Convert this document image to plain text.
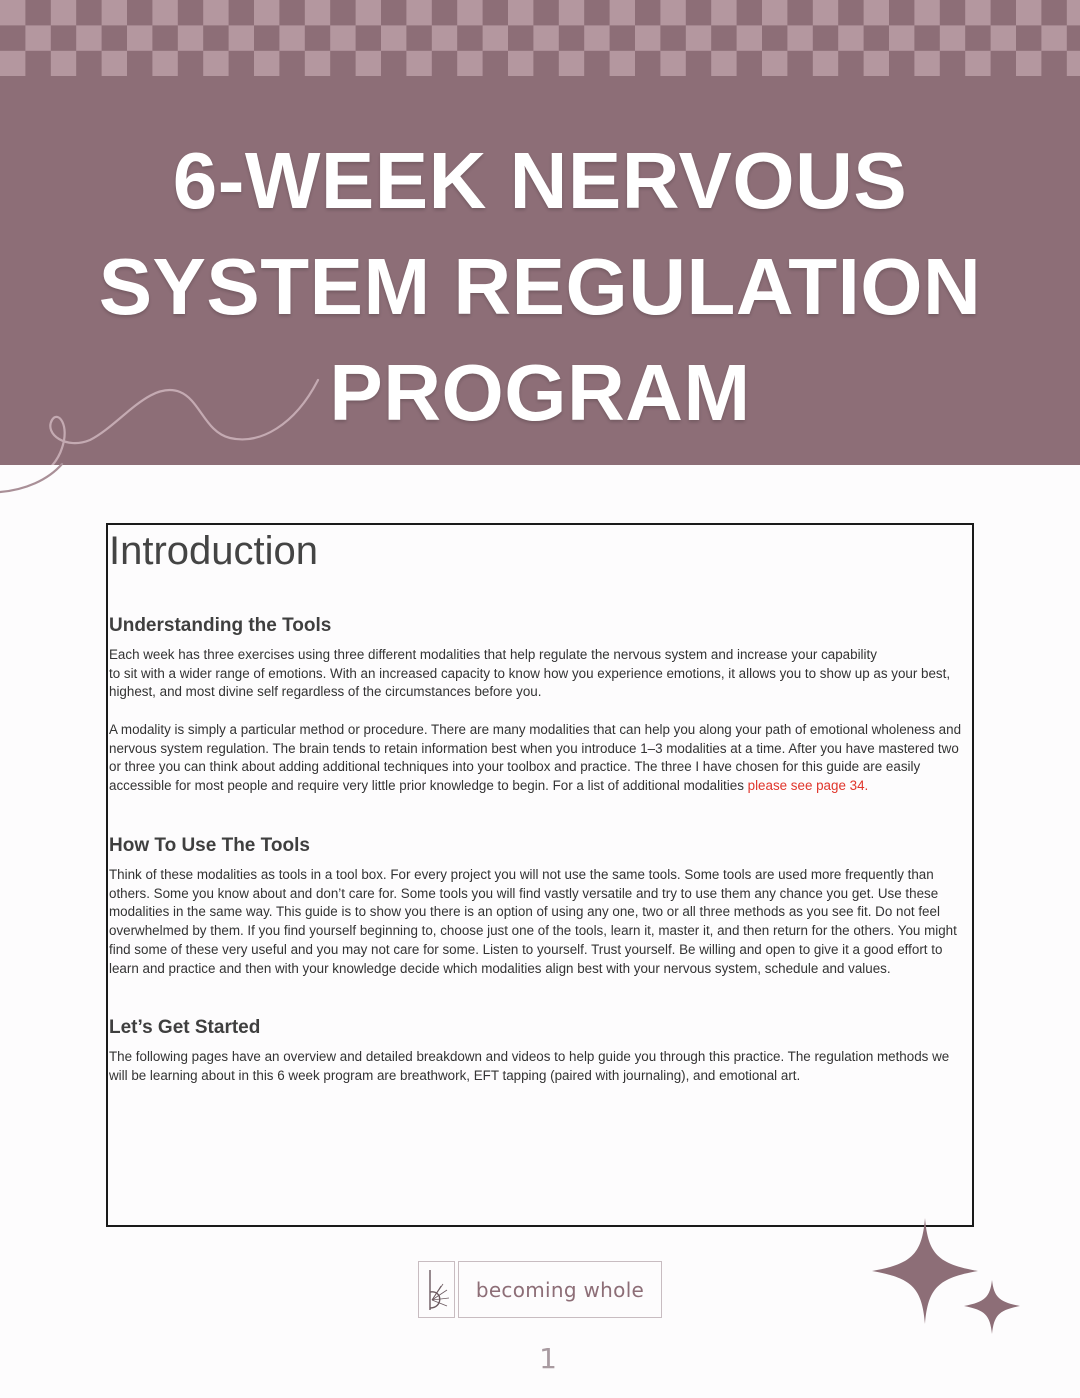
6-WEEK NERVOUS
SYSTEM REGULATION
PROGRAM
Introduction
Understanding the Tools

Each week has three exercises using three different modalities that help regulate the nervous system and increase your capability
to sit with a wider range of emotions. With an increased capacity to know how you experience emotions, it allows you to show up as your best,
highest, and most divine self regardless of the circumstances before you.

A modality is simply a particular method or procedure. There are many modalities that can help you along your path of emotional wholeness and
nervous system regulation. The brain tends to retain information best when you introduce 1–3 modalities at a time. After you have mastered two
or three you can think about adding additional techniques into your toolbox and practice. The three I have chosen for this guide are easily
accessible for most people and require very little prior knowledge to begin. For a list of additional modalities please see page 34.

How To Use The Tools

Think of these modalities as tools in a tool box. For every project you will not use the same tools. Some tools are used more frequently than
others. Some you know about and don’t care for. Some tools you will find vastly versatile and try to use them any chance you get. Use these
modalities in the same way. This guide is to show you there is an option of using any one, two or all three methods as you see fit. Do not feel
overwhelmed by them. If you find yourself beginning to, choose just one of the tools, learn it, master it, and then return for the others. You might
find some of these very useful and you may not care for some. Listen to yourself. Trust yourself. Be willing and open to give it a good effort to
learn and practice and then with your knowledge decide which modalities align best with your nervous system, schedule and values.

Let’s Get Started

The following pages have an overview and detailed breakdown and videos to help guide you through this practice. The regulation methods we
will be learning about in this 6 week program are breathwork, EFT tapping (paired with journaling), and emotional art.

becoming whole
1
